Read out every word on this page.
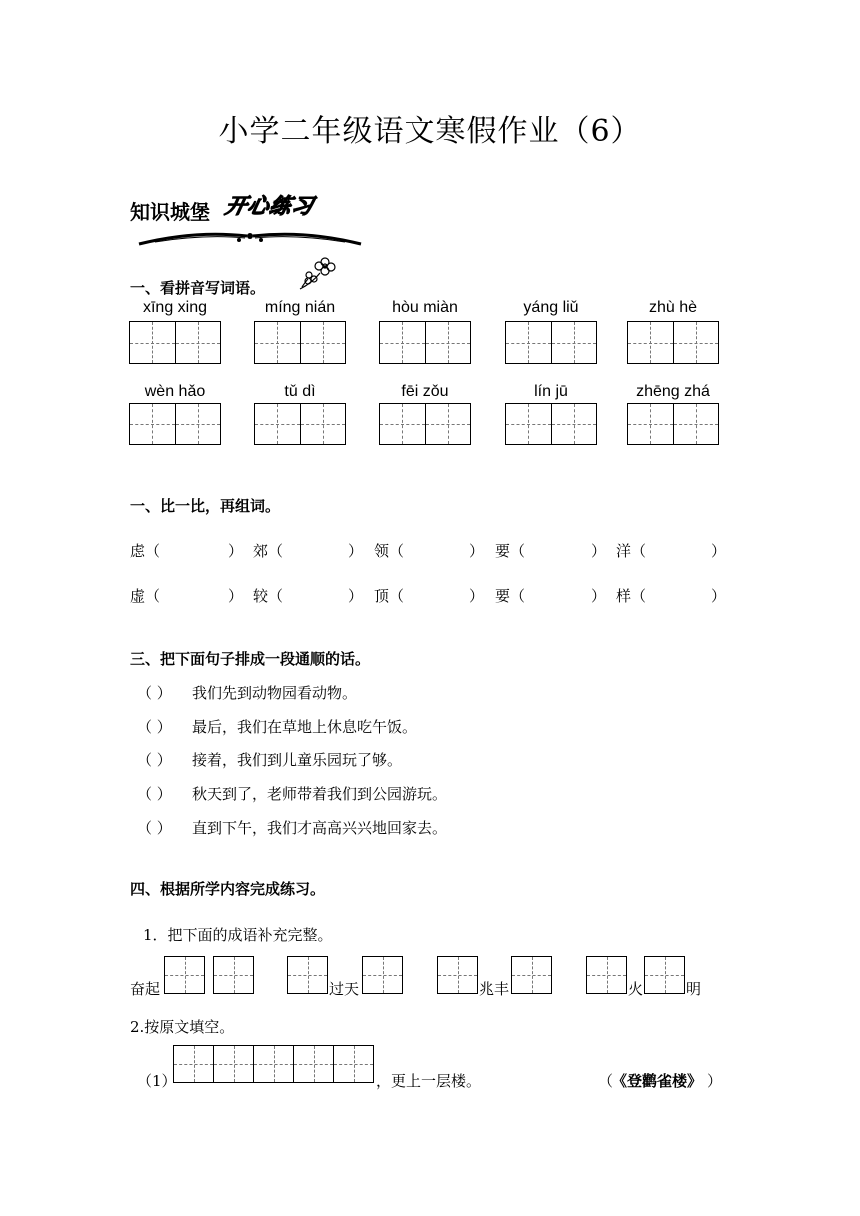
小学二年级语文寒假作业（6）
知识城堡 开心练习
一、看拼音写词语。
xīng xing	míng nián	hòu miàn	yáng liǔ	zhù hè
wèn hǎo	tǔ dì	fēi zǒu	lín jū	zhēng zhá
一、比一比，再组词。
虑（	） 郊（	） 领（	） 要（	） 洋（	）
虚（	） 较（	） 顶（	） 要（	） 样（	）
三、把下面句子排成一段通顺的话。
（ ） 我们先到动物园看动物。
（ ） 最后，我们在草地上休息吃午饭。
（ ） 接着，我们到儿童乐园玩了够。
（ ） 秋天到了，老师带着我们到公园游玩。
（ ） 直到下午，我们才高高兴兴地回家去。
四、根据所学内容完成练习。
1．把下面的成语补充完整。
奋起	过天	兆丰	火	明
2.按原文填空。
（1）	，更上一层楼。	（
《登鹳雀楼》 ）
